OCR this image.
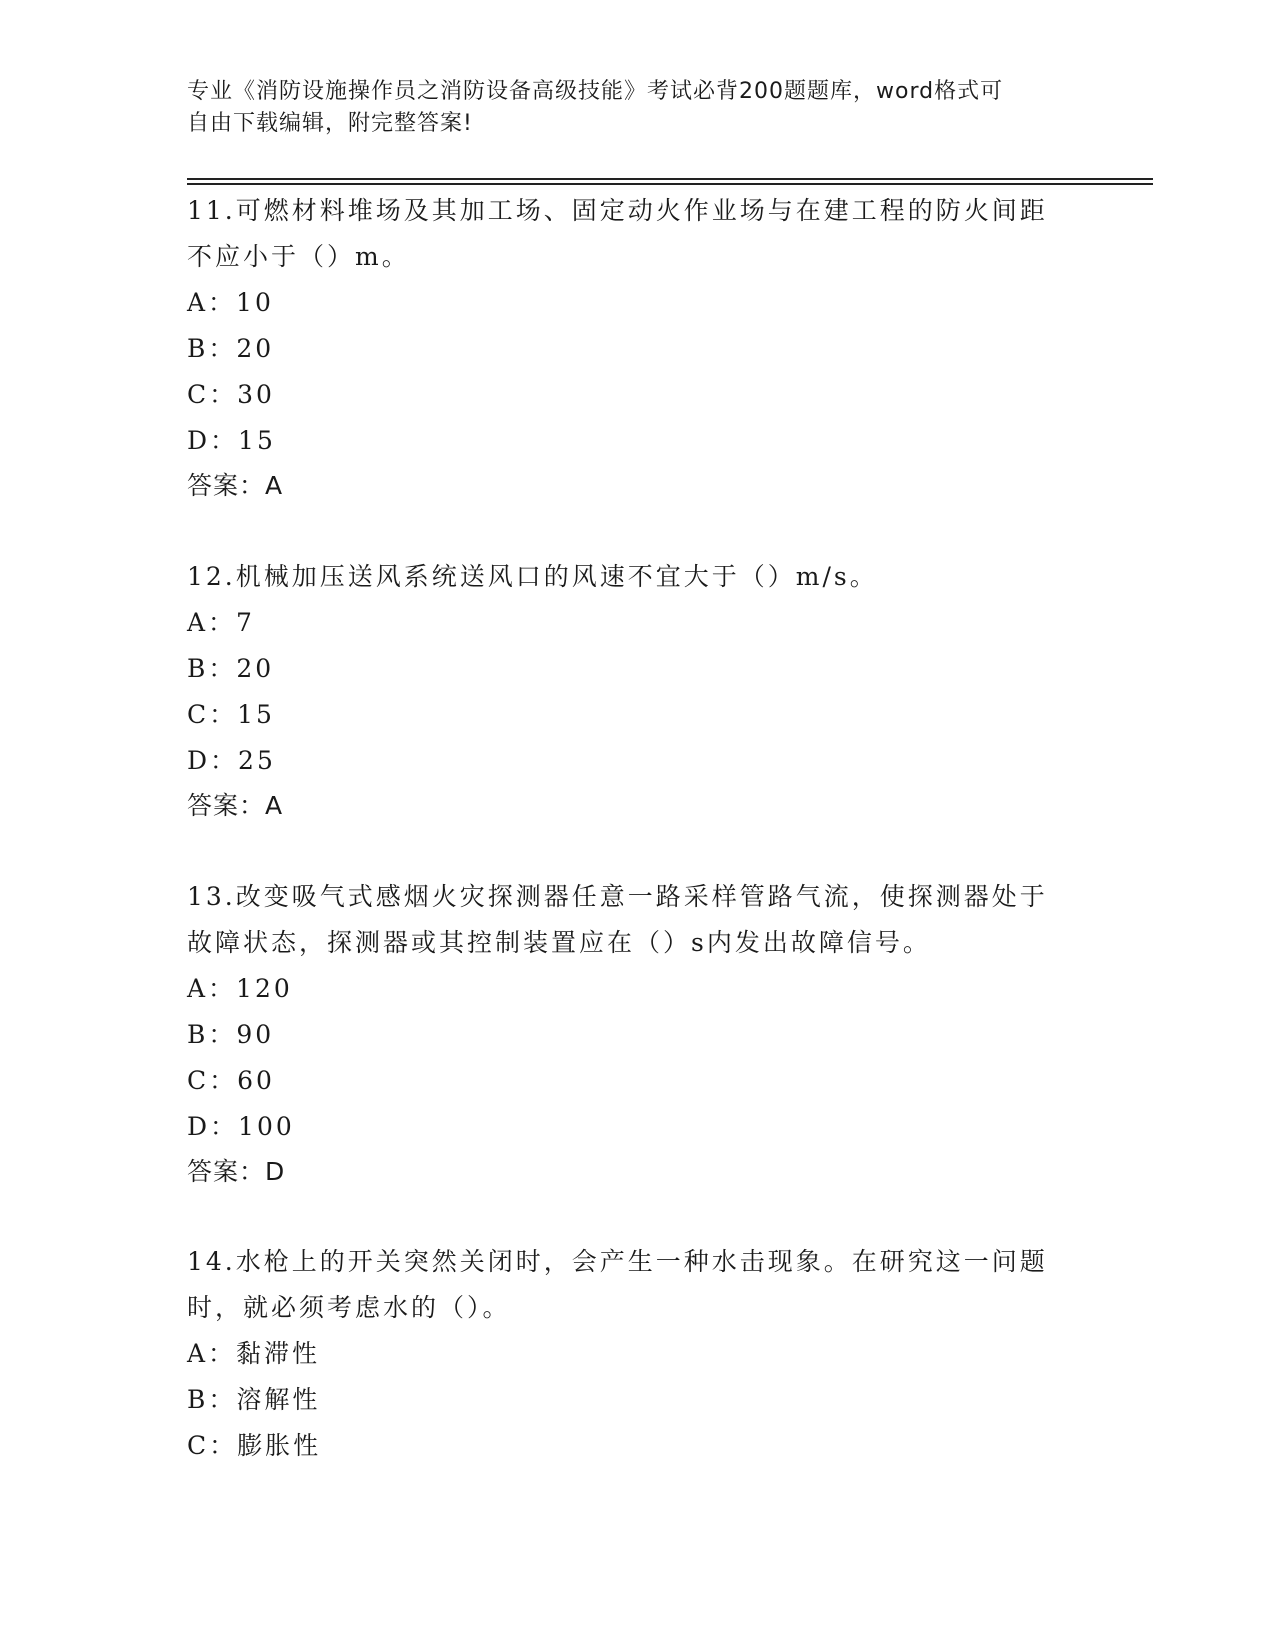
专业《消防设施操作员之消防设备高级技能》考试必背200题题库，word格式可
自由下载编辑，附完整答案!

11.可燃材料堆场及其加工场、固定动火作业场与在建工程的防火间距

不应小于（）m。

A：10

B：20

C：30

D：15

答案：A

12.机械加压送风系统送风口的风速不宜大于（）m/s。

A：7

B：20

C：15

D：25

答案：A

13.改变吸气式感烟火灾探测器任意一路采样管路气流，使探测器处于

故障状态，探测器或其控制装置应在（）s内发出故障信号。

A：120

B：90

C：60

D：100

答案：D

14.水枪上的开关突然关闭时，会产生一种水击现象。在研究这一问题

时，就必须考虑水的（）。

A：黏滞性

B：溶解性

C：膨胀性
